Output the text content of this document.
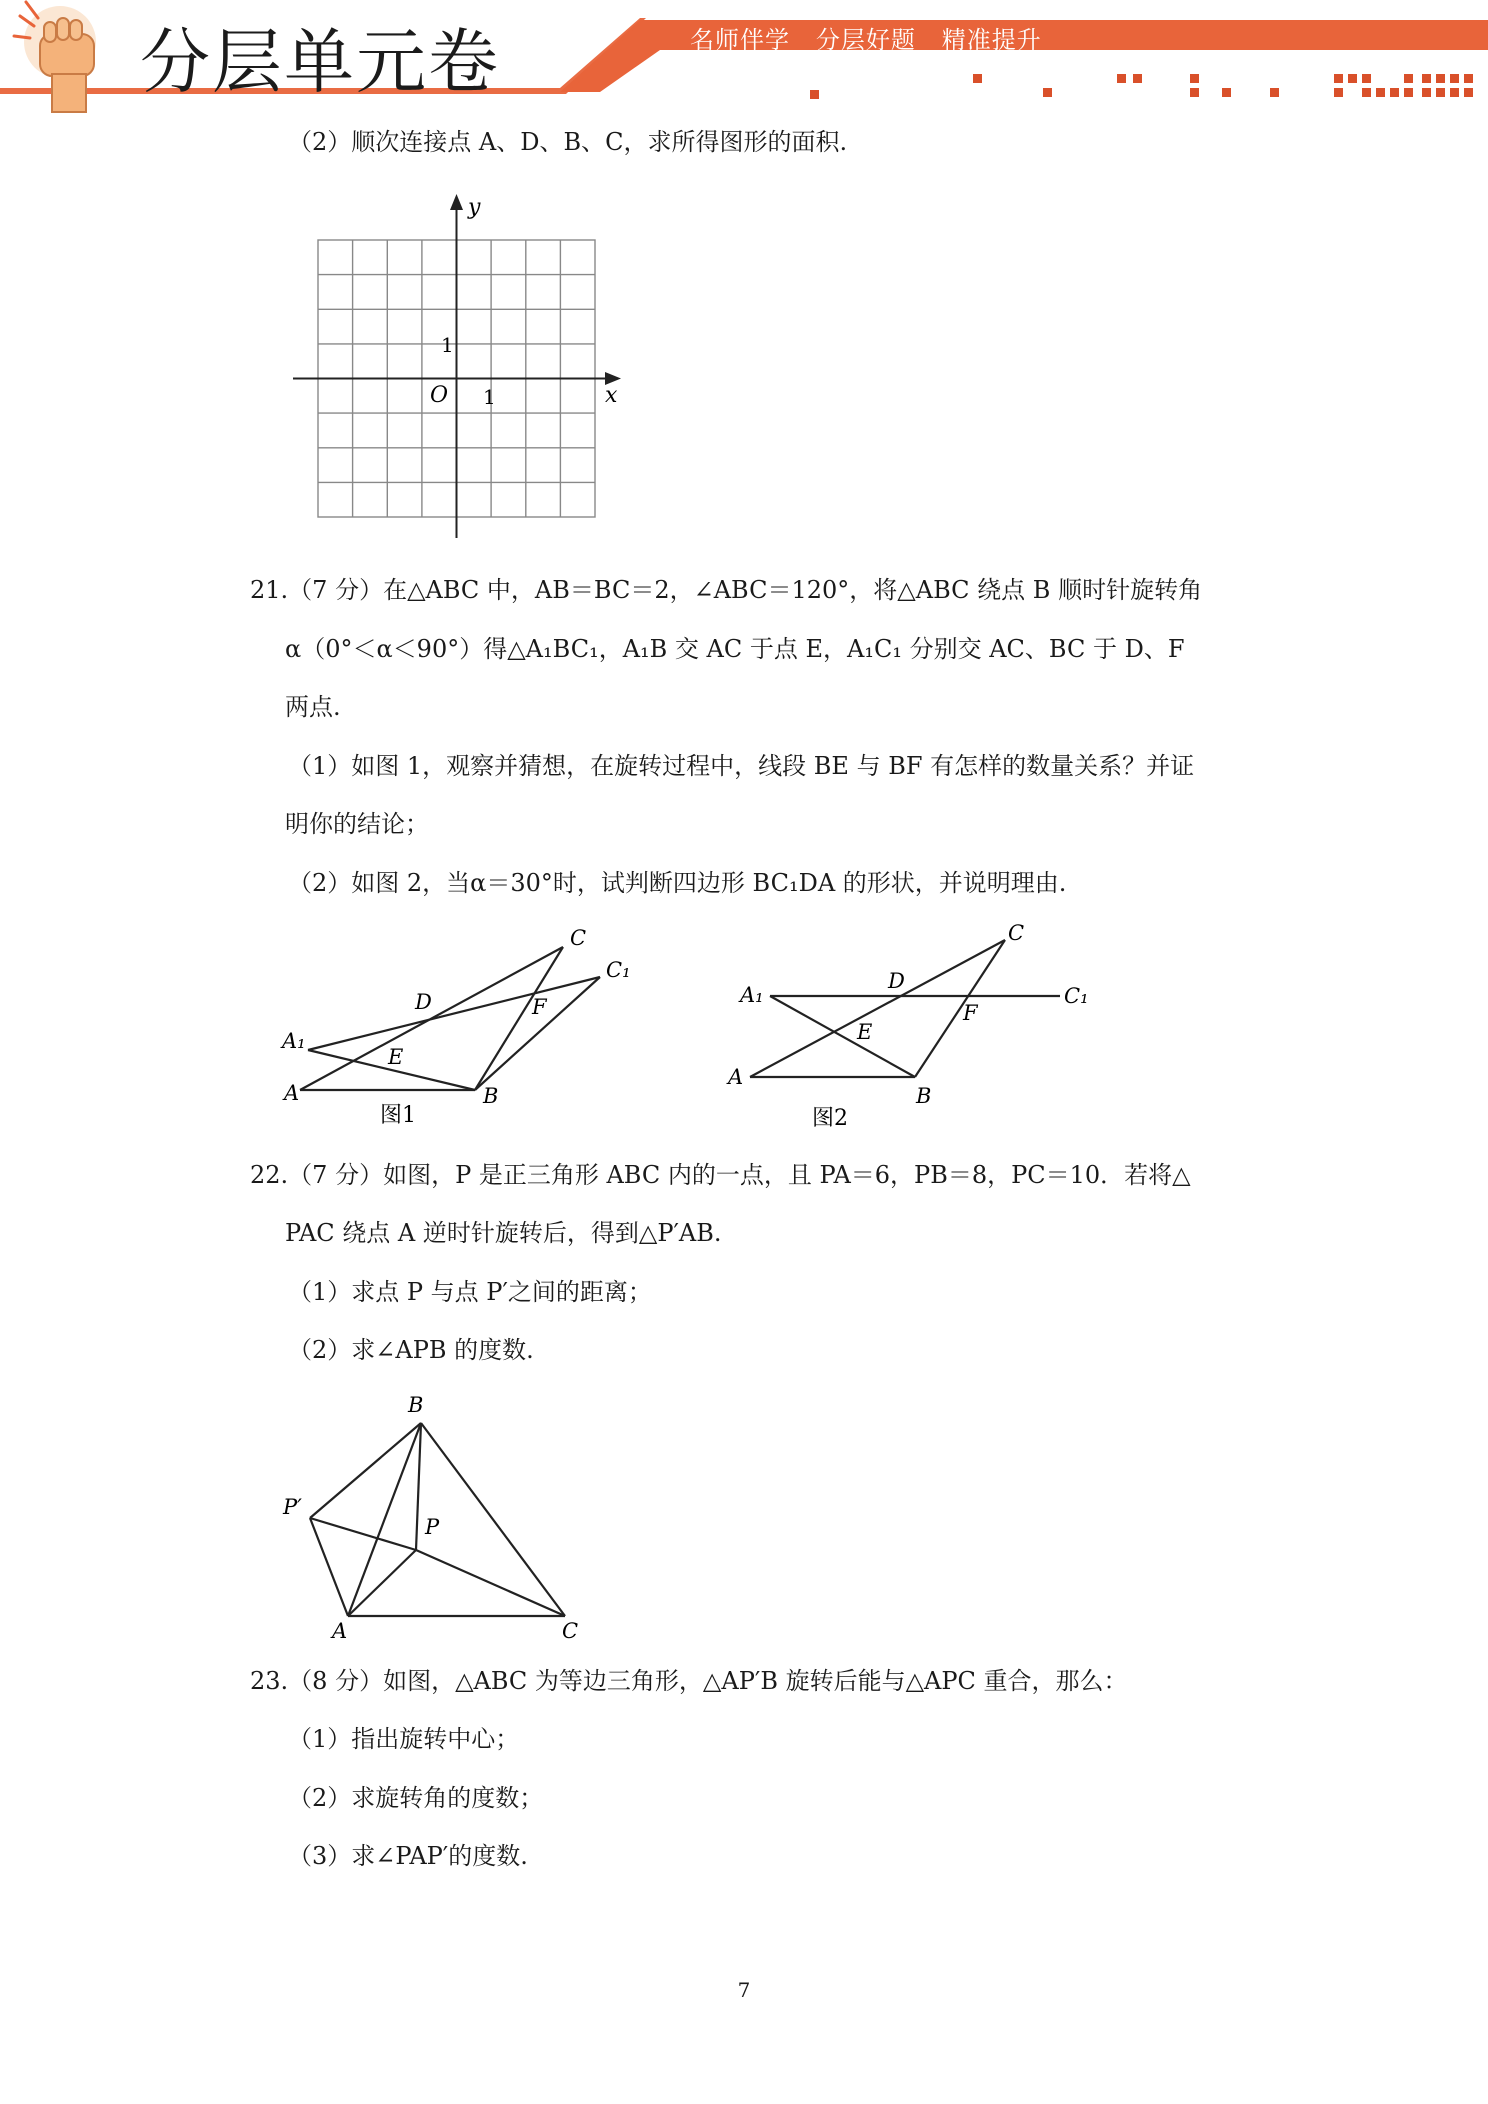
分层单元卷	名师伴学   分层好题   精准提升
（2）顺次连接点 A、D、B、C，求所得图形的面积.
y
x
O 1
1
21.（7 分）在△ABC 中，AB＝BC＝2，∠ABC＝120°，将△ABC 绕点 B 顺时针旋转角
α（0°＜α＜90°）得△A₁BC₁，A₁B 交 AC 于点 E，A₁C₁ 分别交 AC、BC 于 D、F
两点.
（1）如图 1，观察并猜想，在旋转过程中，线段 BE 与 BF 有怎样的数量关系？并证
明你的结论；
（2）如图 2，当α＝30°时，试判断四边形 BC₁DA 的形状，并说明理由.
A
A₁
B
C
C₁
D
E
F
图1
A
A₁
B
C
C₁
D
E
F
图2
22.（7 分）如图，P 是正三角形 ABC 内的一点，且 PA＝6，PB＝8，PC＝10．若将△
PAC 绕点 A 逆时针旋转后，得到△P′AB.
（1）求点 P 与点 P′之间的距离；
（2）求∠APB 的度数.
A
B
C
P
P′
23.（8 分）如图，△ABC 为等边三角形，△AP′B 旋转后能与△APC 重合，那么：
（1）指出旋转中心；
（2）求旋转角的度数；
（3）求∠PAP′的度数.
7
